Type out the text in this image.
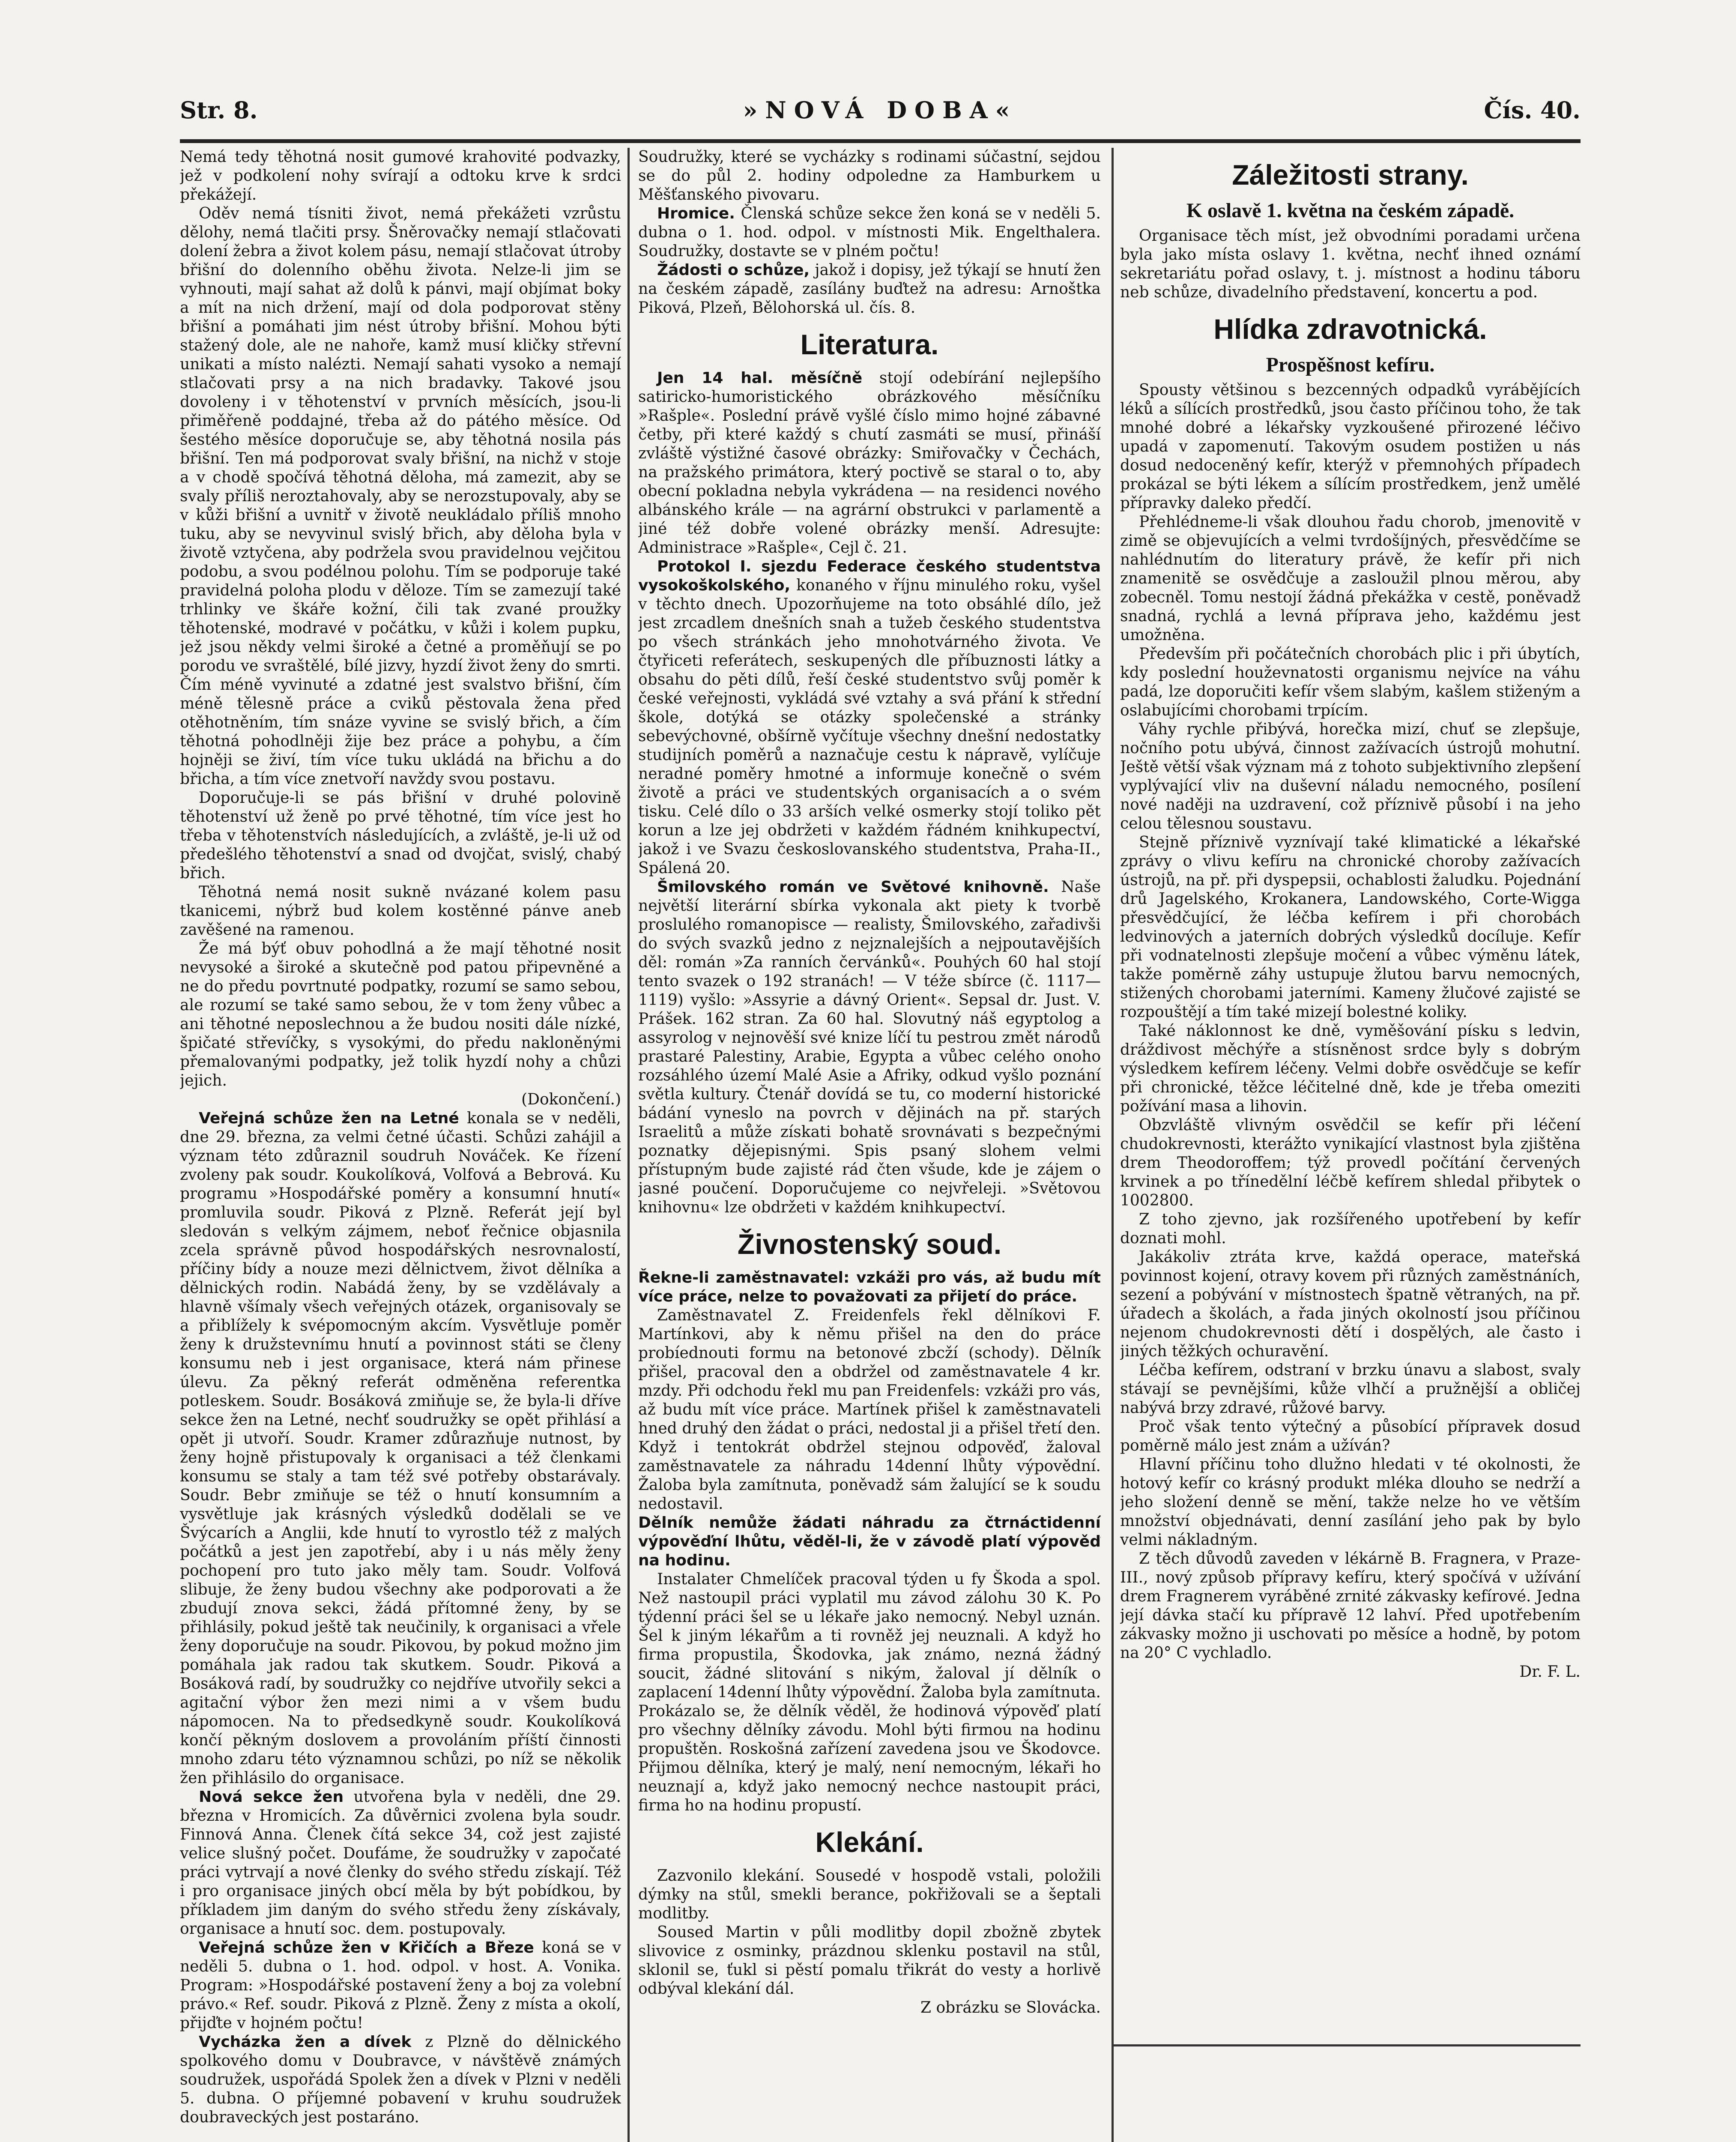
Str. 8.	»NOVÁ DOBA«	Čís. 40.

Nemá tedy těhotná nosit gumové krahovité podvazky, jež v podkolení nohy svírají a odtoku krve k srdci překážejí.

Oděv nemá tísniti život, nemá překážeti vzrůstu dělohy, nemá tlačiti prsy. Šněrovačky nemají stlačovati dolení žebra a život kolem pásu, nemají stlačovat útroby břišní do dolenního oběhu života. Nelze-li jim se vyhnouti, mají sahat až dolů k pánvi, mají objímat boky a mít na nich držení, mají od dola podporovat stěny břišní a pomáhati jim nést útroby břišní. Mohou býti stažený dole, ale ne nahoře, kamž musí kličky střevní unikati a místo nalézti. Nemají sahati vysoko a nemají stlačovati prsy a na nich bradavky. Takové jsou dovoleny i v těhotenství v prvních měsících, jsou-li přiměřeně poddajné, třeba až do pátého měsíce. Od šestého měsíce doporučuje se, aby těhotná nosila pás břišní. Ten má podporovat svaly břišní, na nichž v stoje a v chodě spočívá těhotná děloha, má zamezit, aby se svaly příliš neroztahovaly, aby se nerozstupovaly, aby se v kůži břišní a uvnitř v životě neukládalo příliš mnoho tuku, aby se nevyvinul svislý břich, aby děloha byla v životě vztyčena, aby podržela svou pravidelnou vejčitou podobu, a svou podélnou polohu. Tím se podporuje také pravidelná poloha plodu v děloze. Tím se zamezují také trhlinky ve škáře kožní, čili tak zvané proužky těhotenské, modravé v počátku, v kůži i kolem pupku, jež jsou někdy velmi široké a četné a proměňují se po porodu ve svraštělé, bílé jizvy, hyzdí život ženy do smrti. Čím méně vyvinuté a zdatné jest svalstvo břišní, čím méně tělesně práce a cviků pěstovala žena před otěhotněním, tím snáze vyvine se svislý břich, a čím těhotná pohodlněji žije bez práce a pohybu, a čím hojněji se živí, tím více tuku ukládá na břichu a do břicha, a tím více znetvoří navždy svou postavu.

Doporučuje-li se pás břišní v druhé polovině těhotenství už ženě po prvé těhotné, tím více jest ho třeba v těhotenstvích následujících, a zvláště, je-li už od předešlého těhotenství a snad od dvojčat, svislý, chabý břich.

Těhotná nemá nosit sukně nvázané kolem pasu tkanicemi, nýbrž bud kolem kostěnné pánve aneb zavěšené na ramenou.

Že má býť obuv pohodlná a že mají těhotné nosit nevysoké a široké a skutečně pod patou připevněné a ne do předu povrtnuté podpatky, rozumí se samo sebou, ale rozumí se také samo sebou, že v tom ženy vůbec a ani těhotné neposlechnou a že budou nositi dále nízké, špičaté střevíčky, s vysokými, do předu nakloněnými přemalovanými podpatky, jež tolik hyzdí nohy a chůzi jejich.

(Dokončení.)

Veřejná schůze žen na Letné konala se v neděli, dne 29. března, za velmi četné účasti. Schůzi zahájil a význam této zdůraznil soudruh Nováček. Ke řízení zvoleny pak soudr. Koukolíková, Volfová a Bebrová. Ku programu »Hospodářské poměry a konsumní hnutí« promluvila soudr. Piková z Plzně. Referát její byl sledován s velkým zájmem, neboť řečnice objasnila zcela správně původ hospodářských nesrovnalostí, příčiny bídy a nouze mezi dělnictvem, život dělníka a dělnických rodin. Nabádá ženy, by se vzdělávaly a hlavně všímaly všech veřejných otázek, organisovaly se a přiblížely k svépomocným akcím. Vysvětluje poměr ženy k družstevnímu hnutí a povinnost státi se členy konsumu neb i jest organisace, která nám přinese úlevu. Za pěkný referát odměněna referentka potleskem. Soudr. Bosáková zmiňuje se, že byla-li dříve sekce žen na Letné, nechť soudružky se opět přihlásí a opět ji utvoří. Soudr. Kramer zdůrazňuje nutnost, by ženy hojně přistupovaly k organisaci a též členkami konsumu se staly a tam též své potřeby obstarávaly. Soudr. Bebr zmiňuje se též o hnutí konsumním a vysvětluje jak krásných výsledků dodělali se ve Švýcarích a Anglii, kde hnutí to vyrostlo též z malých počátků a jest jen zapotřebí, aby i u nás měly ženy pochopení pro tuto jako měly tam. Soudr. Volfová slibuje, že ženy budou všechny ake podporovati a že zbudují znova sekci, žádá přítomné ženy, by se přihlásily, pokud ještě tak neučinily, k organisaci a vřele ženy doporučuje na soudr. Pikovou, by pokud možno jim pomáhala jak radou tak skutkem. Soudr. Piková a Bosáková radí, by soudružky co nejdříve utvořily sekci a agitační výbor žen mezi nimi a v všem budu nápomocen. Na to předsedkyně soudr. Koukolíková končí pěkným doslovem a provoláním příští činnosti mnoho zdaru této významnou schůzi, po níž se několik žen přihlásilo do organisace.

Nová sekce žen utvořena byla v neděli, dne 29. března v Hromicích. Za důvěrnici zvolena byla soudr. Finnová Anna. Členek čítá sekce 34, což jest zajisté velice slušný počet. Doufáme, že soudružky v započaté práci vytrvají a nové členky do svého středu získají. Též i pro organisace jiných obcí měla by být pobídkou, by příkladem jim daným do svého středu ženy získávaly, organisace a hnutí soc. dem. postupovaly.

Veřejná schůze žen v Křičích a Březe koná se v neděli 5. dubna o 1. hod. odpol. v host. A. Vonika. Program: »Hospodářské postavení ženy a boj za volební právo.« Ref. soudr. Piková z Plzně. Ženy z místa a okolí, přijďte v hojném počtu!

Vycházka žen a dívek z Plzně do dělnického spolkového domu v Doubravce, v návštěvě známých soudružek, uspořádá Spolek žen a dívek v Plzni v neděli 5. dubna. O příjemné pobavení v kruhu soudružek doubraveckých jest postaráno.

Soudružky, které se vycházky s rodinami súčastní, sejdou se do půl 2. hodiny odpoledne za Hamburkem u Měšťanského pivovaru.

Hromice. Členská schůze sekce žen koná se v neděli 5. dubna o 1. hod. odpol. v místnosti Mik. Engelthalera. Soudružky, dostavte se v plném počtu!

Žádosti o schůze, jakož i dopisy, jež týkají se hnutí žen na českém západě, zasílány buďtež na adresu: Arnoštka Piková, Plzeň, Bělohorská ul. čís. 8.

Literatura.

Jen 14 hal. měsíčně stojí odebírání nejlepšího satiricko-humoristického obrázkového měsíčníku »Rašple«. Poslední právě vyšlé číslo mimo hojné zábavné četby, při které každý s chutí zasmáti se musí, přináší zvláště výstižné časové obrázky: Smiřovačky v Čechách, na pražského primátora, který poctivě se staral o to, aby obecní pokladna nebyla vykrádena — na residenci nového albánského krále — na agrární obstrukci v parlamentě a jiné též dobře volené obrázky menší. Adresujte: Administrace »Rašple«, Cejl č. 21.

Protokol I. sjezdu Federace českého studentstva vysokoškolského, konaného v říjnu minulého roku, vyšel v těchto dnech. Upozorňujeme na toto obsáhlé dílo, jež jest zrcadlem dnešních snah a tužeb českého studentstva po všech stránkách jeho mnohotvárného života. Ve čtyřiceti referátech, seskupených dle příbuznosti látky a obsahu do pěti dílů, řeší české studentstvo svůj poměr k české veřejnosti, vykládá své vztahy a svá přání k střední škole, dotýká se otázky společenské a stránky sebevýchovné, obšírně vyčítuje všechny dnešní nedostatky studijních poměrů a naznačuje cestu k nápravě, vylíčuje neradné poměry hmotné a informuje konečně o svém životě a práci ve studentských organisacích a o svém tisku. Celé dílo o 33 arších velké osmerky stojí toliko pět korun a lze jej obdržeti v každém řádném knihkupectví, jakož i ve Svazu českoslovanského studentstva, Praha-II., Spálená 20.

Šmilovského román ve Světové knihovně. Naše největší literární sbírka vykonala akt piety k tvorbě proslulého romanopisce — realisty, Šmilovského, zařadivši do svých svazků jedno z nejznalejších a nejpoutavějších děl: román »Za ranních červánků«. Pouhých 60 hal stojí tento svazek o 192 stranách! — V téže sbírce (č. 1117—1119) vyšlo: »Assyrie a dávný Orient«. Sepsal dr. Just. V. Prášek. 162 stran. Za 60 hal. Slovutný náš egyptolog a assyrolog v nejnověší své knize líčí tu pestrou změt národů prastaré Palestiny, Arabie, Egypta a vůbec celého onoho rozsáhlého území Malé Asie a Afriky, odkud vyšlo poznání světla kultury. Čtenář dovídá se tu, co moderní historické bádání vyneslo na povrch v dějinách na př. starých Israelitů a může získati bohatě srovnávati s bezpečnými poznatky dějepisnými. Spis psaný slohem velmi přístupným bude zajisté rád čten všude, kde je zájem o jasné poučení. Doporučujeme co nejvřeleji. »Světovou knihovnu« lze obdržeti v každém knihkupectví.

Živnostenský soud.

Řekne-li zaměstnavatel: vzkáži pro vás, až budu mít více práce, nelze to považovati za přijetí do práce.

Zaměstnavatel Z. Freidenfels řekl dělníkovi F. Martínkovi, aby k němu přišel na den do práce probíednouti formu na betonové zbcží (schody). Dělník přišel, pracoval den a obdržel od zaměstnavatele 4 kr. mzdy. Při odchodu řekl mu pan Freidenfels: vzkáži pro vás, až budu mít více práce. Martínek přišel k zaměstnavateli hned druhý den žádat o práci, nedostal ji a přišel třetí den. Když i tentokrát obdržel stejnou odpověď, žaloval zaměstnavatele za náhradu 14denní lhůty výpovědní. Žaloba byla zamítnuta, poněvadž sám žalující se k soudu nedostavil.

Dělník nemůže žádati náhradu za čtrnáctidenní výpověďní lhůtu, věděl-li, že v závodě platí výpověď na hodinu.

Instalater Chmelíček pracoval týden u fy Škoda a spol. Než nastoupil práci vyplatil mu závod zálohu 30 K. Po týdenní práci šel se u lékaře jako nemocný. Nebyl uznán. Šel k jiným lékařům a ti rovněž jej neuznali. A když ho firma propustila, Škodovka, jak známo, nezná žádný soucit, žádné slitování s nikým, žaloval jí dělník o zaplacení 14denní lhůty výpovědní. Žaloba byla zamítnuta. Prokázalo se, že dělník věděl, že hodinová výpověď platí pro všechny dělníky závodu. Mohl býti firmou na hodinu propuštěn. Roskošná zařízení zavedena jsou ve Škodovce. Přijmou dělníka, který je malý, není nemocným, lékaři ho neuznají a, když jako nemocný nechce nastoupit práci, firma ho na hodinu propustí.

Klekání.

Zazvonilo klekání. Sousedé v hospodě vstali, položili dýmky na stůl, smekli berance, pokřižovali se a šeptali modlitby.

Soused Martin v půli modlitby dopil zbožně zbytek slivovice z osminky, prázdnou sklenku postavil na stůl, sklonil se, ťukl si pěstí pomalu třikrát do vesty a horlivě odbýval klekání dál.

Z obrázku se Slovácka.

Záležitosti strany.
K oslavě 1. května na českém západě.

Organisace těch míst, jež obvodními poradami určena byla jako místa oslavy 1. května, nechť ihned oznámí sekretariátu pořad oslavy, t. j. místnost a hodinu táboru neb schůze, divadelního představení, koncertu a pod.

Hlídka zdravotnická.
Prospěšnost kefíru.

Spousty většinou s bezcenných odpadků vyrábějících léků a sílících prostředků, jsou často příčinou toho, že tak mnohé dobré a lékařsky vyzkoušené přirozené léčivo upadá v zapomenutí. Takovým osudem postižen u nás dosud nedoceněný kefír, kterýž v přemnohých případech prokázal se býti lékem a sílícím prostředkem, jenž umělé přípravky daleko předčí.

Přehlédneme-li však dlouhou řadu chorob, jmenovitě v zimě se objevujících a velmi tvrdošíjných, přesvědčíme se nahlédnutím do literatury právě, že kefír při nich znamenitě se osvědčuje a zasloužil plnou měrou, aby zobecněl. Tomu nestojí žádná překážka v cestě, poněvadž snadná, rychlá a levná příprava jeho, každému jest umožněna.

Především při počátečních chorobách plic i při úbytích, kdy poslední houževnatosti organismu nejvíce na váhu padá, lze doporučiti kefír všem slabým, kašlem stiženým a oslabujícími chorobami trpícím.

Váhy rychle přibývá, horečka mizí, chuť se zlepšuje, nočního potu ubývá, činnost zažívacích ústrojů mohutní. Ještě větší však význam má z tohoto subjektivního zlepšení vyplývající vliv na duševní náladu nemocného, posílení nové naději na uzdravení, což příznivě působí i na jeho celou tělesnou soustavu.

Stejně příznivě vyznívají také klimatické a lékařské zprávy o vlivu kefíru na chronické choroby zažívacích ústrojů, na př. při dyspepsii, ochablosti žaludku. Pojednání drů Jagelského, Krokanera, Landowského, Corte-Wigga přesvědčující, že léčba kefírem i při chorobách ledvinových a jaterních dobrých výsledků docíluje. Kefír při vodnatelnosti zlepšuje močení a vůbec výměnu látek, takže poměrně záhy ustupuje žlutou barvu nemocných, stižených chorobami jaterními. Kameny žlučové zajisté se rozpouštějí a tím také mizejí bolestné koliky.

Také náklonnost ke dně, vyměšování písku s ledvin, dráždivost měchýře a stísněnost srdce byly s dobrým výsledkem kefírem léčeny. Velmi dobře osvědčuje se kefír při chronické, těžce léčitelné dně, kde je třeba omeziti požívání masa a lihovin.

Obzvláště vlivným osvědčil se kefír při léčení chudokrevnosti, kterážto vynikající vlastnost byla zjištěna drem Theodoroffem; týž provedl počítání červených krvinek a po třínedělní léčbě kefírem shledal přibytek o 1002800.

Z toho zjevno, jak rozšířeného upotřebení by kefír doznati mohl.

Jakákoliv ztráta krve, každá operace, mateřská povinnost kojení, otravy kovem při různých zaměstnáních, sezení a pobývání v místnostech špatně větraných, na př. úřadech a školách, a řada jiných okolností jsou příčinou nejenom chudokrevnosti dětí i dospělých, ale často i jiných těžkých ochuravění.

Léčba kefírem, odstraní v brzku únavu a slabost, svaly stávají se pevnějšími, kůže vlhčí a pružnější a obličej nabývá brzy zdravé, růžové barvy.

Proč však tento výtečný a působící přípravek dosud poměrně málo jest znám a užíván?

Hlavní příčinu toho dlužno hledati v té okolnosti, že hotový kefír co krásný produkt mléka dlouho se nedrží a jeho složení denně se mění, takže nelze ho ve větším množství objednávati, denní zasílání jeho pak by bylo velmi nákladným.

Z těch důvodů zaveden v lékárně B. Fragnera, v Praze-III., nový způsob přípravy kefíru, který spočívá v užívání drem Fragnerem vyráběné zrnité zákvasky kefírové. Jedna její dávka stačí ku přípravě 12 lahví. Před upotřebením zákvasky možno ji uschovati po měsíce a hodně, by potom na 20° C vychladlo.

Dr. F. L.
